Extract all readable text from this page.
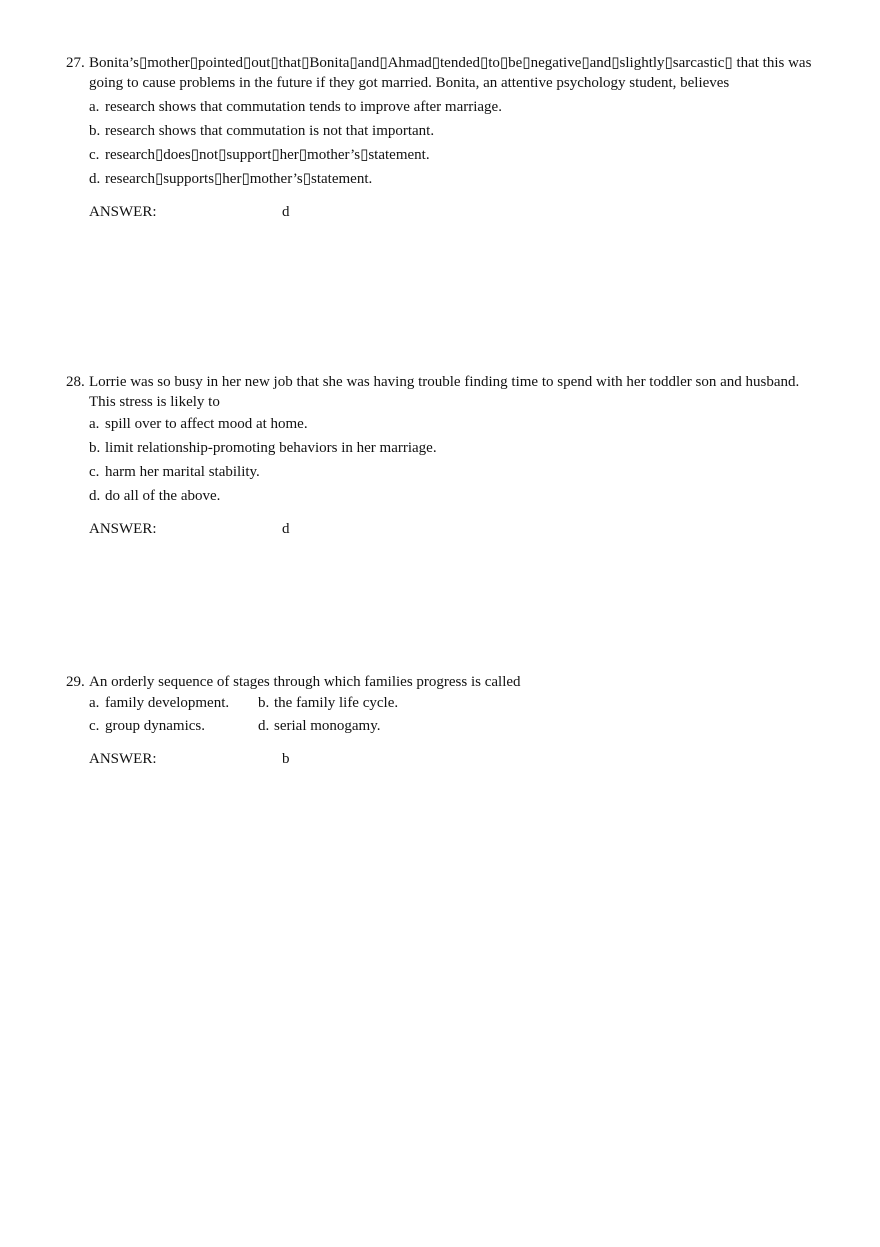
27. Bonita’s▯mother▯pointed▯out▯that▯Bonita▯and▯Ahmad▯tended▯to▯be▯negative▯and▯slightly▯sarcastic▯ that this was going to cause problems in the future if they got married. Bonita, an attentive psychology student, believes
a. research shows that commutation tends to improve after marriage.
b. research shows that commutation is not that important.
c. research▯does▯not▯support▯her▯mother’s▯statement.
d. research▯supports▯her▯mother’s▯statement.
ANSWER:	d
28. Lorrie was so busy in her new job that she was having trouble finding time to spend with her toddler son and husband. This stress is likely to
a. spill over to affect mood at home.
b. limit relationship-promoting behaviors in her marriage.
c. harm her marital stability.
d. do all of the above.
ANSWER:	d
29. An orderly sequence of stages through which families progress is called
a. family development. b. the family life cycle.
c. group dynamics.	d. serial monogamy.
ANSWER:	b
